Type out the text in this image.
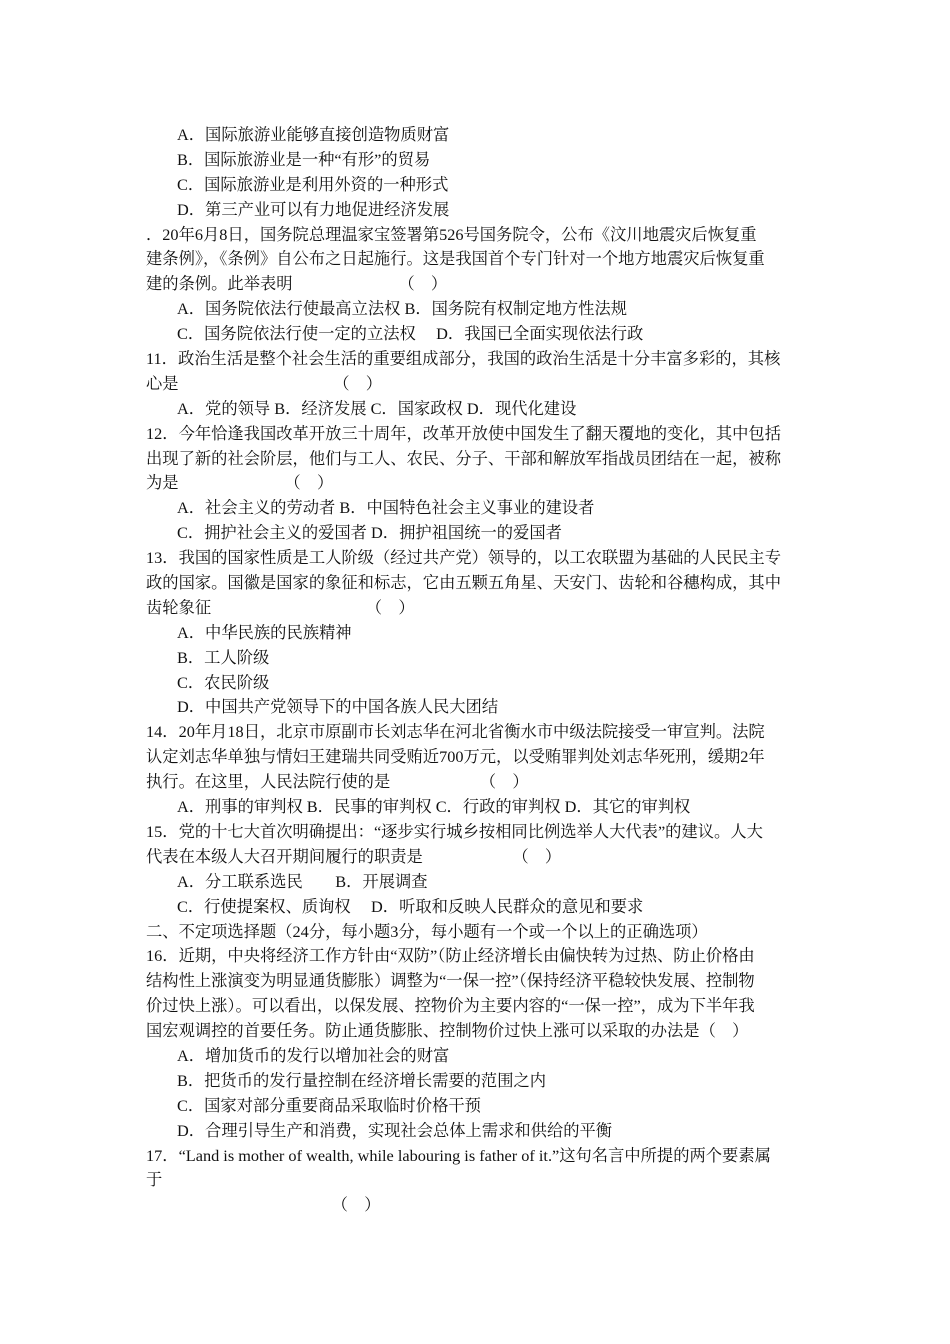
A．国际旅游业能够直接创造物质财富
B．国际旅游业是一种“有形”的贸易
C．国际旅游业是利用外资的一种形式
D．第三产业可以有力地促进经济发展
．20年6月8日，国务院总理温家宝签署第526号国务院令，公布《汶川地震灾后恢复重
建条例》，《条例》自公布之日起施行。这是我国首个专门针对一个地方地震灾后恢复重
建的条例。此举表明　　　　　　　（　）
A．国务院依法行使最高立法权 B．国务院有权制定地方性法规
C．国务院依法行使一定的立法权　 D．我国已全面实现依法行政
11．政治生活是整个社会生活的重要组成部分，我国的政治生活是十分丰富多彩的，其核
心是　　　　　　　　　　（　）
A．党的领导 B．经济发展 C．国家政权 D．现代化建设
12．今年恰逢我国改革开放三十周年，改革开放使中国发生了翻天覆地的变化，其中包括
出现了新的社会阶层，他们与工人、农民、分子、干部和解放军指战员团结在一起，被称
为是　　　　　　　（　）
A．社会主义的劳动者 B．中国特色社会主义事业的建设者
C．拥护社会主义的爱国者 D．拥护祖国统一的爱国者
13．我国的国家性质是工人阶级（经过共产党）领导的，以工农联盟为基础的人民民主专
政的国家。国徽是国家的象征和标志，它由五颗五角星、天安门、齿轮和谷穗构成，其中
齿轮象征　　　　　　　　　　（　）
A．中华民族的民族精神
B．工人阶级
C．农民阶级
D．中国共产党领导下的中国各族人民大团结
14．20年月18日，北京市原副市长刘志华在河北省衡水市中级法院接受一审宣判。法院
认定刘志华单独与情妇王建瑞共同受贿近700万元，以受贿罪判处刘志华死刑，缓期2年
执行。在这里，人民法院行使的是　　　　　　（　）
A．刑事的审判权 B．民事的审判权 C．行政的审判权 D．其它的审判权
15．党的十七大首次明确提出：“逐步实行城乡按相同比例选举人大代表”的建议。人大
代表在本级人大召开期间履行的职责是　　　　　　（　）
A．分工联系选民　　B．开展调查
C．行使提案权、质询权　 D．听取和反映人民群众的意见和要求
二、不定项选择题（24分，每小题3分，每小题有一个或一个以上的正确选项）
16．近期，中央将经济工作方针由“双防”（防止经济增长由偏快转为过热、防止价格由
结构性上涨演变为明显通货膨胀）调整为“一保一控”（保持经济平稳较快发展、控制物
价过快上涨）。可以看出，以保发展、控物价为主要内容的“一保一控”，成为下半年我
国宏观调控的首要任务。防止通货膨胀、控制物价过快上涨可以采取的办法是（　）
A．增加货币的发行以增加社会的财富
B．把货币的发行量控制在经济增长需要的范围之内
C．国家对部分重要商品采取临时价格干预
D．合理引导生产和消费，实现社会总体上需求和供给的平衡
17．“Land is mother of wealth, while labouring is father of it.”这句名言中所提的两个要素属
于
　　　　　　　　　　（　）
